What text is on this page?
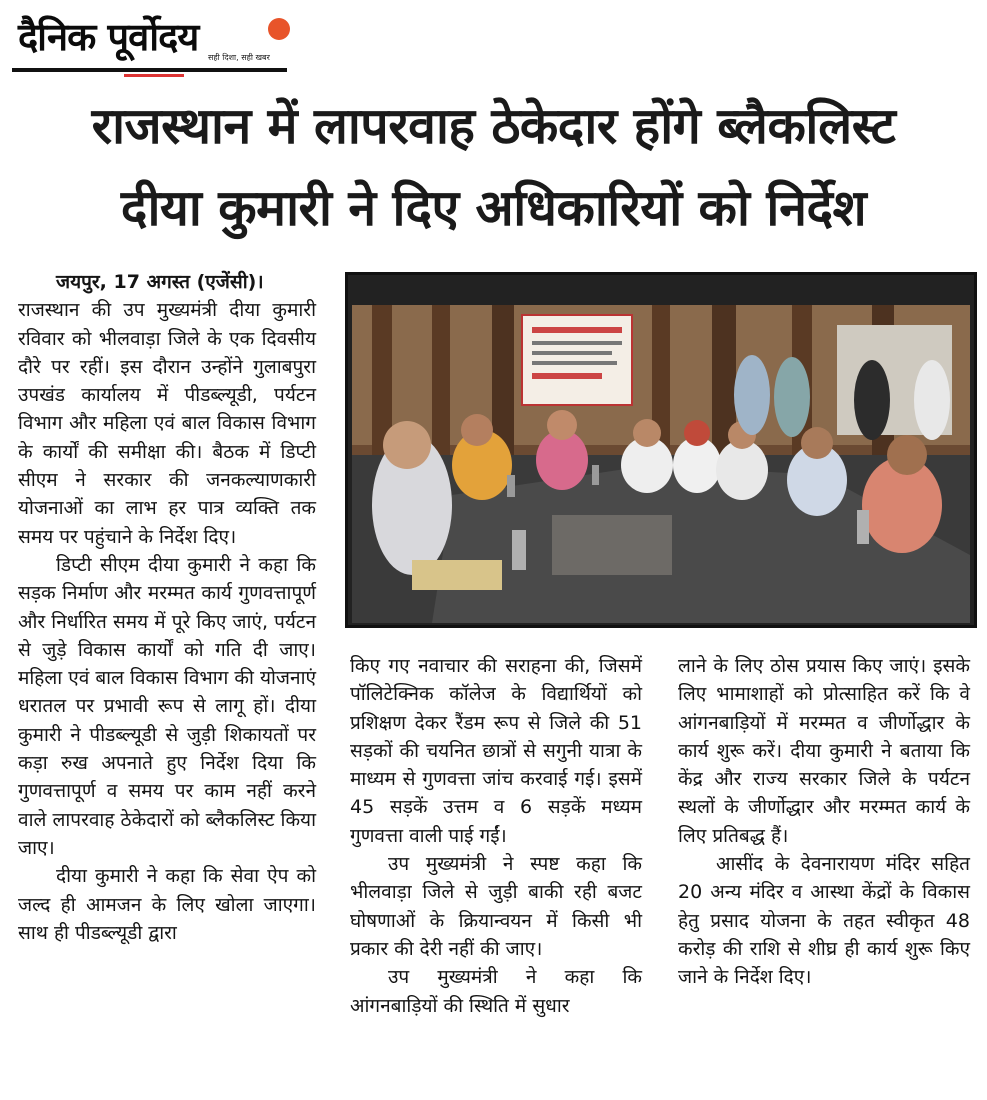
दैनिक पूर्वोदय सही दिशा, सही खबर
राजस्थान में लापरवाह ठेकेदार होंगे ब्लैकलिस्ट
दीया कुमारी ने दिए अधिकारियों को निर्देश

जयपुर, 17 अगस्त (एजेंसी)।

राजस्थान की उप मुख्यमंत्री दीया कुमारी रविवार को भीलवाड़ा जिले के एक दिवसीय दौरे पर रहीं। इस दौरान उन्होंने गुलाबपुरा उपखंड कार्यालय में पीडब्ल्यूडी, पर्यटन विभाग और महिला एवं बाल विकास विभाग के कार्यों की समीक्षा की। बैठक में डिप्टी सीएम ने सरकार की जनकल्याणकारी योजनाओं का लाभ हर पात्र व्यक्ति तक समय पर पहुंचाने के निर्देश दिए।

डिप्टी सीएम दीया कुमारी ने कहा कि सड़क निर्माण और मरम्मत कार्य गुणवत्तापूर्ण और निर्धारित समय में पूरे किए जाएं, पर्यटन से जुड़े विकास कार्यों को गति दी जाए। महिला एवं बाल विकास विभाग की योजनाएं धरातल पर प्रभावी रूप से लागू हों। दीया कुमारी ने पीडब्ल्यूडी से जुड़ी शिकायतों पर कड़ा रुख अपनाते हुए निर्देश दिया कि गुणवत्तापूर्ण व समय पर काम नहीं करने वाले लापरवाह ठेकेदारों को ब्लैकलिस्ट किया जाए।

दीया कुमारी ने कहा कि सेवा ऐप को जल्द ही आमजन के लिए खोला जाएगा। साथ ही पीडब्ल्यूडी द्वारा

किए गए नवाचार की सराहना की, जिसमें पॉलिटेक्निक कॉलेज के विद्यार्थियों को प्रशिक्षण देकर रैंडम रूप से जिले की 51 सड़कों की चयनित छात्रों से सगुनी यात्रा के माध्यम से गुणवत्ता जांच करवाई गई। इसमें 45 सड़कें उत्तम व 6 सड़कें मध्यम गुणवत्ता वाली पाई गईं।

उप मुख्यमंत्री ने स्पष्ट कहा कि भीलवाड़ा जिले से जुड़ी बाकी रही बजट घोषणाओं के क्रियान्वयन में किसी भी प्रकार की देरी नहीं की जाए।

उप मुख्यमंत्री ने कहा कि आंगनबाड़ियों की स्थिति में सुधार

लाने के लिए ठोस प्रयास किए जाएं। इसके लिए भामाशाहों को प्रोत्साहित करें कि वे आंगनबाड़ियों में मरम्मत व जीर्णोद्धार के कार्य शुरू करें। दीया कुमारी ने बताया कि केंद्र और राज्य सरकार जिले के पर्यटन स्थलों के जीर्णोद्धार और मरम्मत कार्य के लिए प्रतिबद्ध हैं।

आसींद के देवनारायण मंदिर सहित 20 अन्य मंदिर व आस्था केंद्रों के विकास हेतु प्रसाद योजना के तहत स्वीकृत 48 करोड़ की राशि से शीघ्र ही कार्य शुरू किए जाने के निर्देश दिए।
